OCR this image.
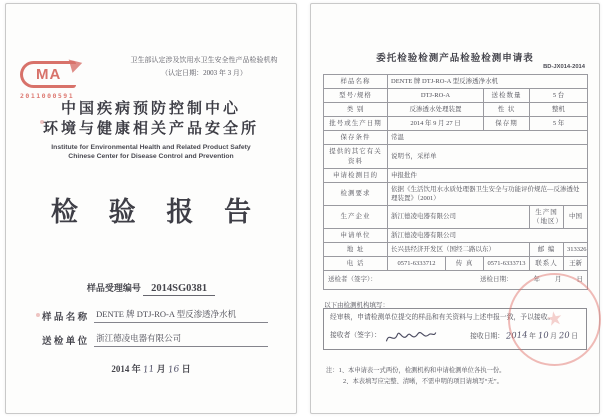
卫生部认定涉及饮用水卫生安全性产品检验机构
（认定日期：2003 年 3 月）
MA
2011000591
中国疾病预防控制中心
环境与健康相关产品安全所
Institute for Environmental Health and Related Product Safety
Chinese Center for Disease Control and Prevention
检 验 报 告
样品受理编号 2014SG0381
样 品 名 称 DENTE 牌 DTJ-RO-A 型反渗透净水机
送 检 单 位 浙江德凌电器有限公司
2014 年 11 月 16 日
委托检验检测产品检验检测申请表
BD-JX014-2014
样品名称	DENTE 牌 DTJ-RO-A 型反渗透净水机				
型号/规格	DTJ-RO-A		送检数量	5 台	
类 别	反渗透水处理装置		性 状	整机	
批号或生产日期	2014 年 9 月 27 日		保存期	5 年	
保存条件	常温				
提供的其它有关资料	说明书，采样单				
申请检测目的	申报批件				
检测要求	依据《生活饮用水水质处理器卫生安全与功能评价规范—反渗透处理装置》（2001）				
生产企业	浙江德凌电器有限公司			生产国（地区）	中国
申请单位	浙江德凌电器有限公司				
地 址	长兴县经济开发区（国经二路以东）			邮 编	313326
电 话	0571-6333712	传 真	0571-6333713	联系人	王新

送检者（签字）： 送检日期： 年 月 日					
以下由检测机构填写：
经审核，申请检测单位提交的样品和有关资料与上述申报一致，予以接收。
接收者（签字）：	接收日期： 2014 年 10 月 20 日
注：1、本申请表一式两份，检测机构和申请检测单位各执一份。
2、本表填写应完整、清晰，不需申明的项目请填写“无”。
★
